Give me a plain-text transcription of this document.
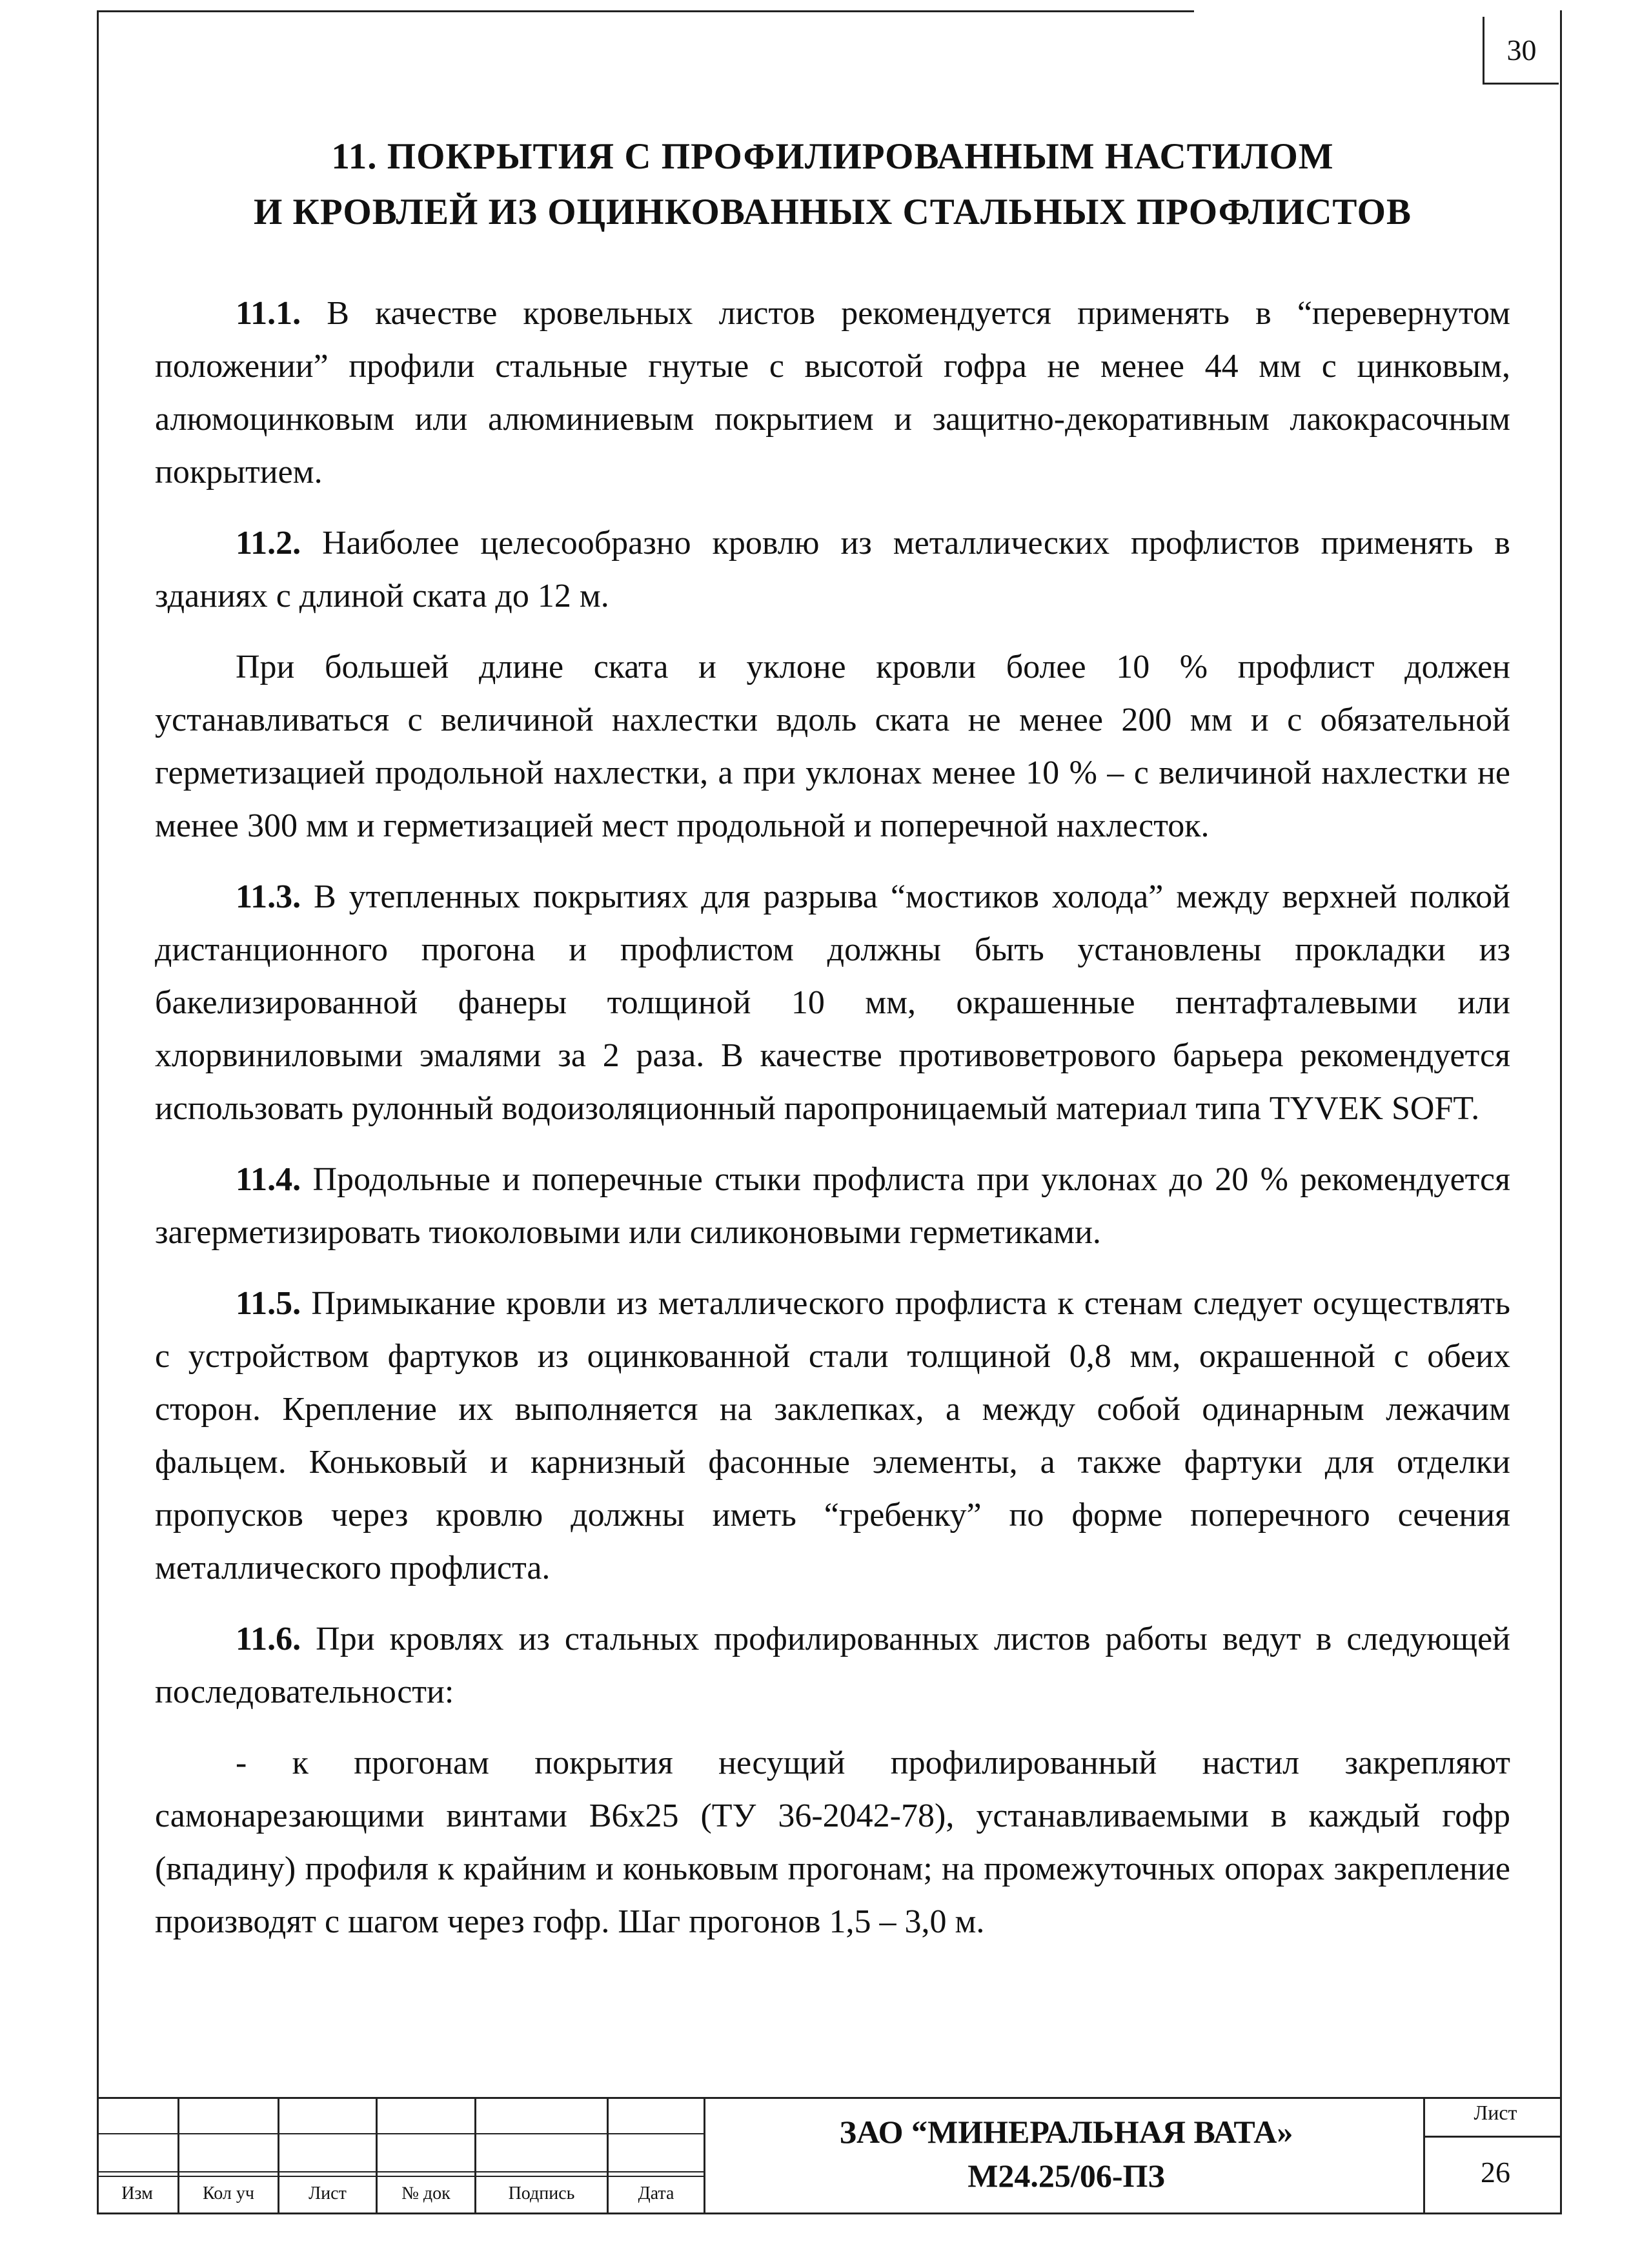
30
11. ПОКРЫТИЯ С ПРОФИЛИРОВАННЫМ НАСТИЛОМ
И КРОВЛЕЙ ИЗ ОЦИНКОВАННЫХ СТАЛЬНЫХ ПРОФЛИСТОВ

11.1. В качестве кровельных листов рекомендуется применять в “перевернутом положении” профили стальные гнутые с высотой гофра не менее 44 мм с цинковым, алюмоцинковым или алюминиевым покрытием и защитно-декоративным лакокрасочным покрытием.

11.2. Наиболее целесообразно кровлю из металлических профлистов применять в зданиях с длиной ската до 12 м.

При большей длине ската и уклоне кровли более 10 % профлист должен устанавливаться с величиной нахлестки вдоль ската не менее 200 мм и с обязательной герметизацией продольной нахлестки, а при уклонах менее 10 % – с величиной нахлестки не менее 300 мм и герметизацией мест продольной и поперечной нахлесток.

11.3. В утепленных покрытиях для разрыва “мостиков холода” между верхней полкой дистанционного прогона и профлистом должны быть установлены прокладки из бакелизированной фанеры толщиной 10 мм, окрашенные пентафталевыми или хлорвиниловыми эмалями за 2 раза. В качестве противоветрового барьера рекомендуется использовать рулонный водоизоляционный паропроницаемый материал типа TYVEK SOFT.

11.4. Продольные и поперечные стыки профлиста при уклонах до 20 % рекомендуется загерметизировать тиоколовыми или силиконовыми герметиками.

11.5. Примыкание кровли из металлического профлиста к стенам следует осуществлять с устройством фартуков из оцинкованной стали толщиной 0,8 мм, окрашенной с обеих сторон. Крепление их выполняется на заклепках, а между собой одинарным лежачим фальцем. Коньковый и карнизный фасонные элементы, а также фартуки для отделки пропусков через кровлю должны иметь “гребенку” по форме поперечного сечения металлического профлиста.

11.6. При кровлях из стальных профилированных листов работы ведут в следующей последовательности:

- к прогонам покрытия несущий профилированный настил закрепляют самонарезающими винтами В6х25 (ТУ 36-2042-78), устанавливаемыми в каждый гофр (впадину) профиля к крайним и коньковым прогонам; на промежуточных опорах закрепление производят с шагом через гофр. Шаг прогонов 1,5 – 3,0 м.

Изм	Кол уч	Лист	№ док	Подпись	Дата
ЗАО “МИНЕРАЛЬНАЯ ВАТА»
М24.25/06-ПЗ
Лист
26
